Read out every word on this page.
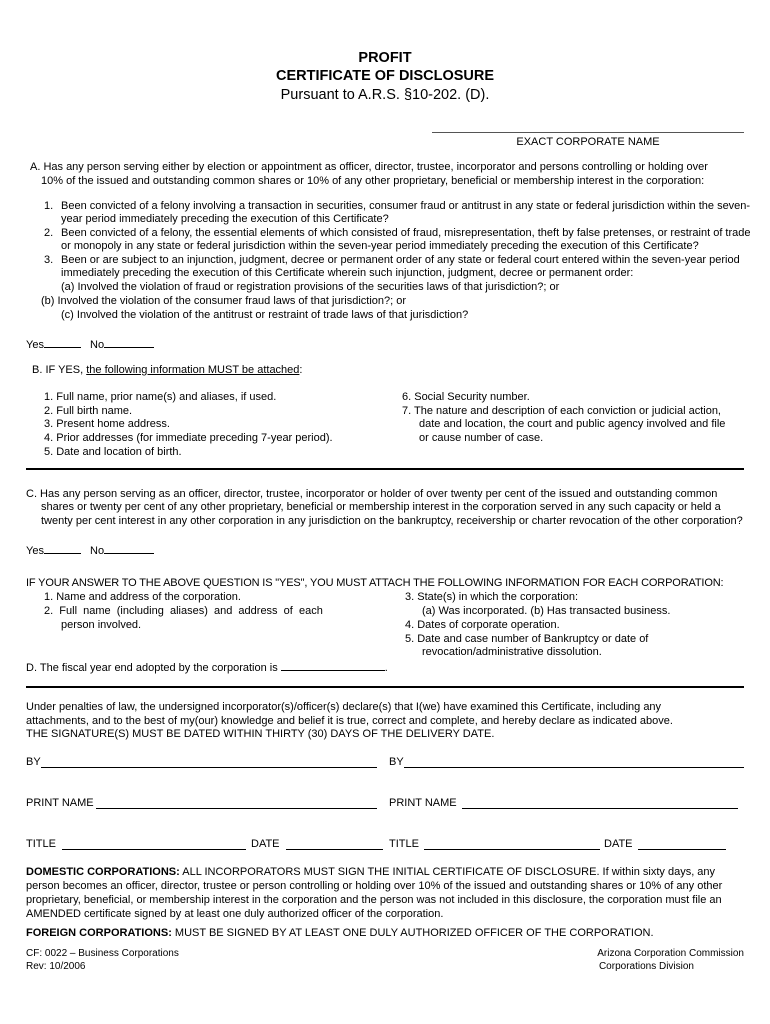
PROFIT
CERTIFICATE OF DISCLOSURE
Pursuant to A.R.S. §10-202. (D).
EXACT CORPORATE NAME
A. Has any person serving either by election or appointment as officer, director, trustee, incorporator and persons controlling or holding over
10% of the issued and outstanding common shares or 10% of any other proprietary, beneficial or membership interest in the corporation:
1. Been convicted of a felony involving a transaction in securities, consumer fraud or antitrust in any state or federal jurisdiction within the seven-
year period immediately preceding the execution of this Certificate?
2. Been convicted of a felony, the essential elements of which consisted of fraud, misrepresentation, theft by false pretenses, or restraint of trade
or monopoly in any state or federal jurisdiction within the seven-year period immediately preceding the execution of this Certificate?
3. Been or are subject to an injunction, judgment, decree or permanent order of any state or federal court entered within the seven-year period
immediately preceding the execution of this Certificate wherein such injunction, judgment, decree or permanent order:
(a) Involved the violation of fraud or registration provisions of the securities laws of that jurisdiction?; or
(b) Involved the violation of the consumer fraud laws of that jurisdiction?; or
(c) Involved the violation of the antitrust or restraint of trade laws of that jurisdiction?
Yes	No
B. IF YES, the following information MUST be attached:
1. Full name, prior name(s) and aliases, if used.
2. Full birth name.
3. Present home address.
4. Prior addresses (for immediate preceding 7-year period).
5. Date and location of birth.
6. Social Security number.
7. The nature and description of each conviction or judicial action,
date and location, the court and public agency involved and file
or cause number of case.
C. Has any person serving as an officer, director, trustee, incorporator or holder of over twenty per cent of the issued and outstanding common
shares or twenty per cent of any other proprietary, beneficial or membership interest in the corporation served in any such capacity or held a
twenty per cent interest in any other corporation in any jurisdiction on the bankruptcy, receivership or charter revocation of the other corporation?
Yes	No
IF YOUR ANSWER TO THE ABOVE QUESTION IS "YES", YOU MUST ATTACH THE FOLLOWING INFORMATION FOR EACH CORPORATION:
1. Name and address of the corporation.
2.  Full  name  (including  aliases)  and  address  of  each
person involved.
3. State(s) in which the corporation:
(a) Was incorporated. (b) Has transacted business.
4. Dates of corporate operation.
5. Date and case number of Bankruptcy or date of
revocation/administrative dissolution.
D. The fiscal year end adopted by the corporation is	.
Under penalties of law, the undersigned incorporator(s)/officer(s) declare(s) that I(we) have examined this Certificate, including any
attachments, and to the best of my(our) knowledge and belief it is true, correct and complete, and hereby declare as indicated above.
THE SIGNATURE(S) MUST BE DATED WITHIN THIRTY (30) DAYS OF THE DELIVERY DATE.
BY	BY
PRINT NAME	PRINT NAME
TITLE	DATE	TITLE	DATE
DOMESTIC CORPORATIONS: ALL INCORPORATORS MUST SIGN THE INITIAL CERTIFICATE OF DISCLOSURE. If within sixty days, any
person becomes an officer, director, trustee or person controlling or holding over 10% of the issued and outstanding shares or 10% of any other
proprietary, beneficial, or membership interest in the corporation and the person was not included in this disclosure, the corporation must file an
AMENDED certificate signed by at least one duly authorized officer of the corporation.
FOREIGN CORPORATIONS: MUST BE SIGNED BY AT LEAST ONE DULY AUTHORIZED OFFICER OF THE CORPORATION.
CF: 0022 – Business Corporations
Rev: 10/2006
Arizona Corporation Commission
Corporations Division
